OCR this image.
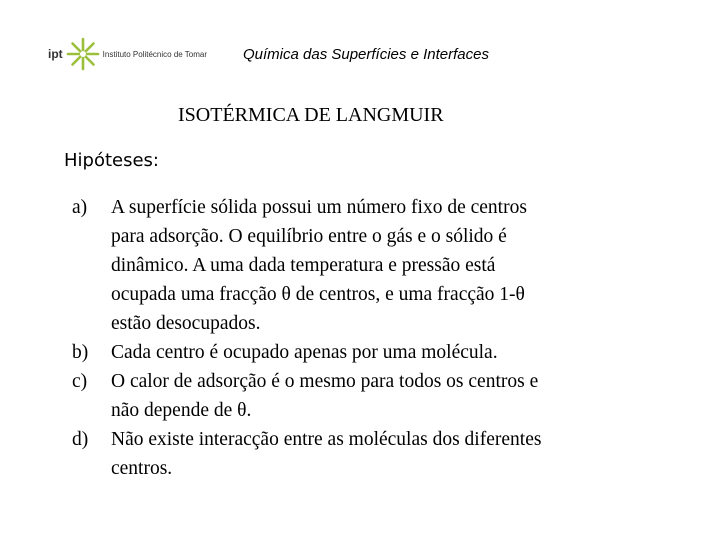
ipt	Instituto Politécnico de Tomar Química das Superfícies e Interfaces
ISOTÉRMICA DE LANGMUIR
Hipóteses:
a) A superfície sólida possui um número fixo de centros
para adsorção. O equilíbrio entre o gás e o sólido é
dinâmico. A uma dada temperatura e pressão está
ocupada uma fracção θ de centros, e uma fracção 1-θ
estão desocupados.
b) Cada centro é ocupado apenas por uma molécula.
c) O calor de adsorção é o mesmo para todos os centros e
não depende de θ.
d) Não existe interacção entre as moléculas dos diferentes
centros.
